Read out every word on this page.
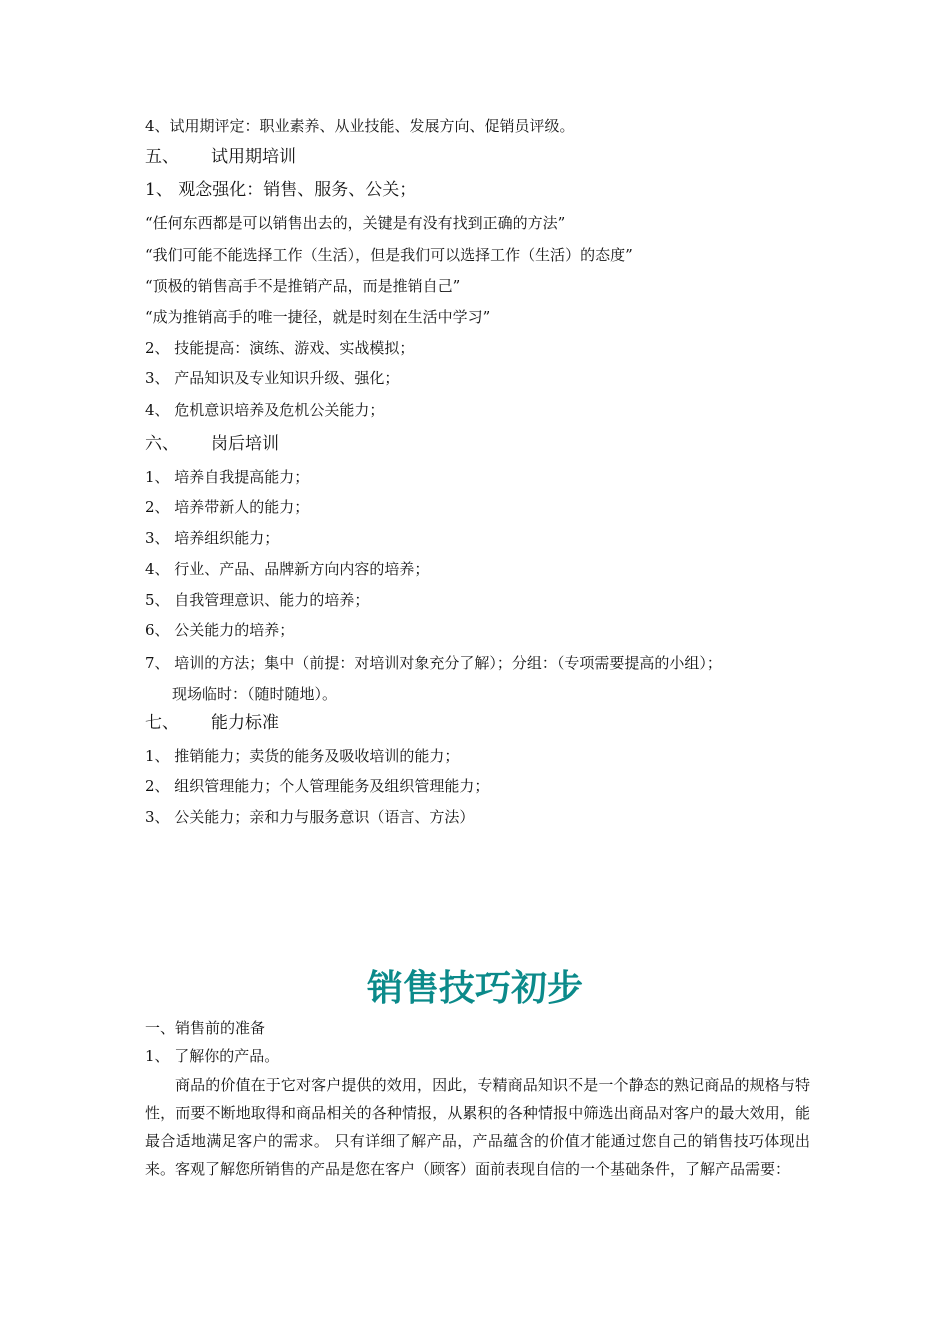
4、试用期评定：职业素养、从业技能、发展方向、促销员评级。
五、 试用期培训
1、 观念强化：销售、服务、公关；
“任何东西都是可以销售出去的，关键是有没有找到正确的方法”
“我们可能不能选择工作（生活），但是我们可以选择工作（生活）的态度”
“顶极的销售高手不是推销产品，而是推销自己”
“成为推销高手的唯一捷径，就是时刻在生活中学习”
2、 技能提高：演练、游戏、实战模拟；
3、 产品知识及专业知识升级、强化；
4、 危机意识培养及危机公关能力；
六、 岗后培训
1、 培养自我提高能力；
2、 培养带新人的能力；
3、 培养组织能力；
4、 行业、产品、品牌新方向内容的培养；
5、 自我管理意识、能力的培养；
6、 公关能力的培养；
7、 培训的方法；集中（前提：对培训对象充分了解）；分组：（专项需要提高的小组）；
现场临时：（随时随地）。
七、 能力标准
1、 推销能力；卖货的能务及吸收培训的能力；
2、 组织管理能力；个人管理能务及组织管理能力；
3、 公关能力；亲和力与服务意识（语言、方法）
销售技巧初步
一、销售前的准备
1、 了解你的产品。
商品的价值在于它对客户提供的效用，因此，专精商品知识不是一个静态的熟记商品的规格与特性，而要不断地取得和商品相关的各种情报，从累积的各种情报中筛选出商品对客户的最大效用，能最合适地满足客户的需求。 只有详细了解产品，产品蕴含的价值才能通过您自己的销售技巧体现出来。客观了解您所销售的产品是您在客户（顾客）面前表现自信的一个基础条件，了解产品需要：
